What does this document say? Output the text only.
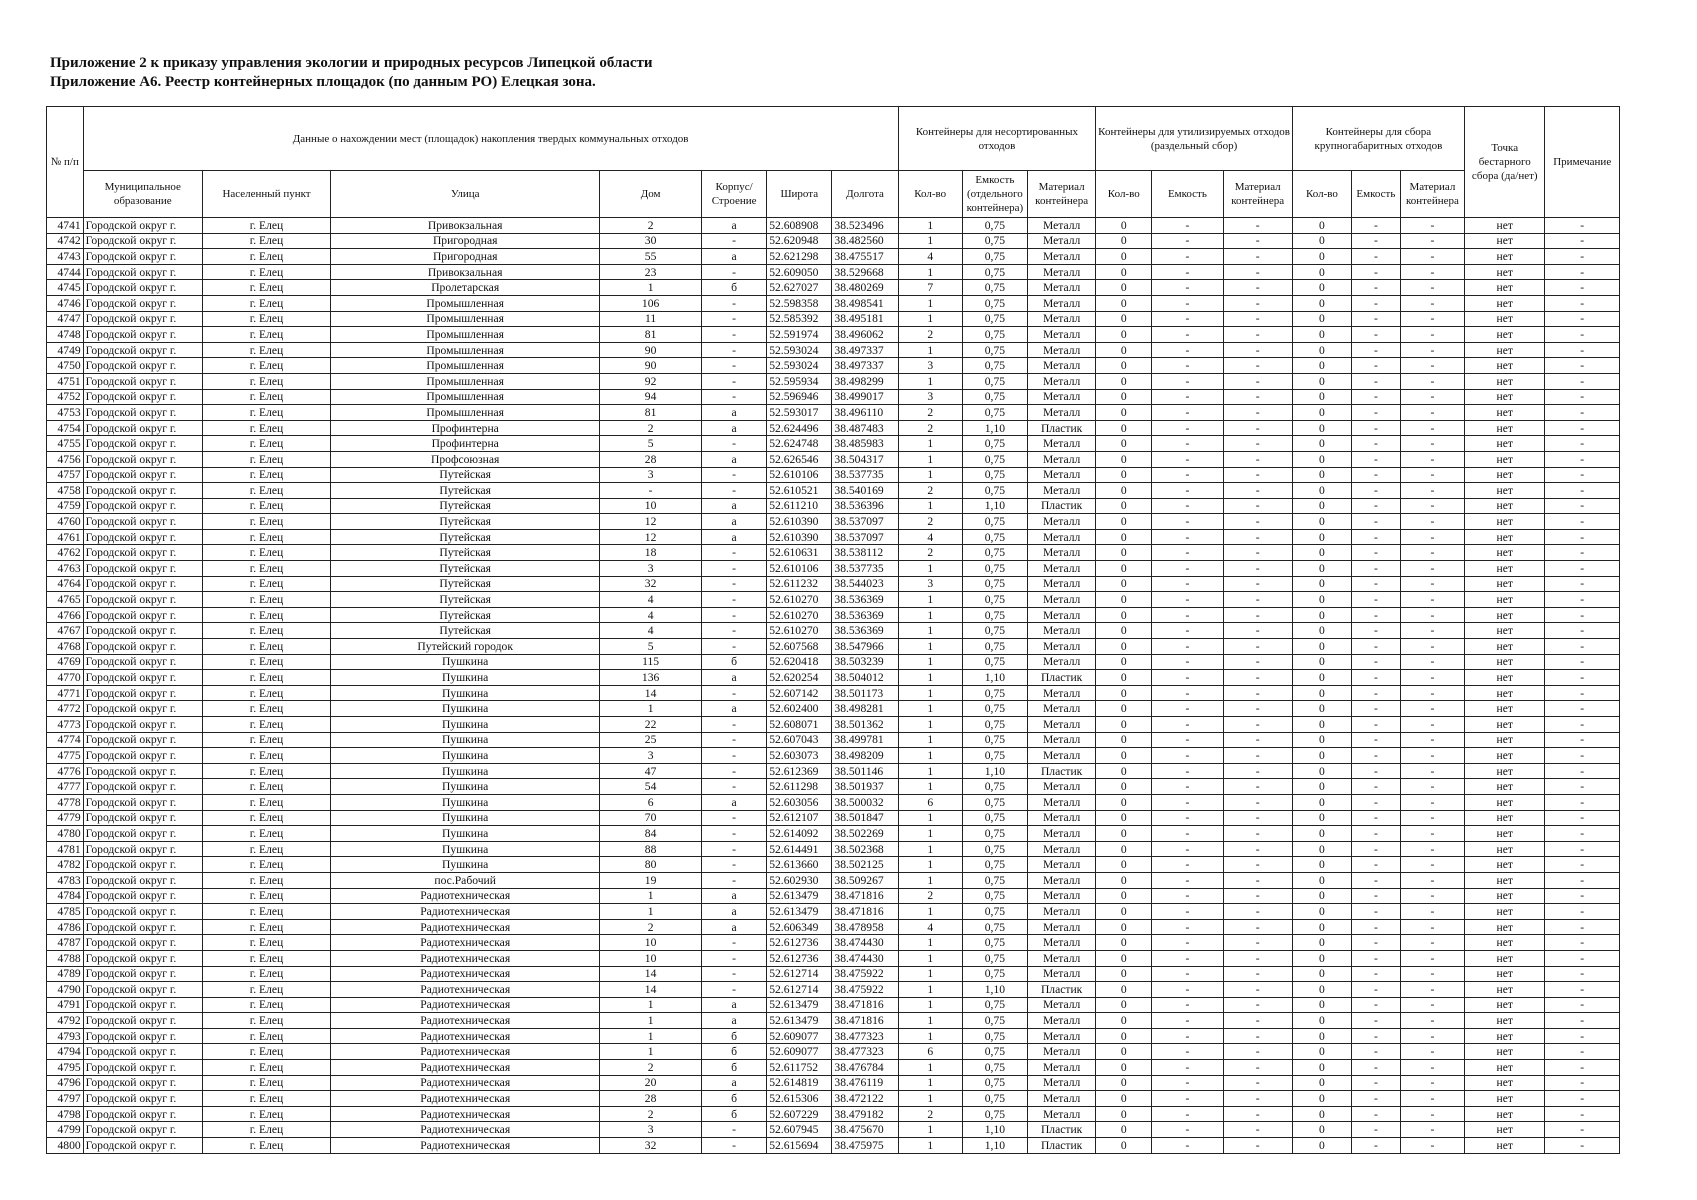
Приложение 2 к приказу управления экологии и природных ресурсов Липецкой области
Приложение А6. Реестр контейнерных площадок (по данным РО) Елецкая зона.
№ п/п	Данные о нахождении мест (площадок) накопления твердых коммунальных отходов							Контейнеры для несортированных отходов			Контейнеры для утилизируемых отходов (раздельный сбор)			Контейнеры для сбора крупногабаритных отходов			Точка бестарного сбора (да/нет)	Примечание
	Муниципальное образование	Населенный пункт	Улица	Дом	Корпус/ Строение	Широта	Долгота	Кол-во	Емкость (отдельного контейнера)	Материал контейнера	Кол-во	Емкость	Материал контейнера	Кол-во	Емкость	Материал контейнера		
4741	Городской округ г.	г. Елец	Привокзальная	2	а	52.608908	38.523496	1	0,75	Металл	0	-	-	0	-	-	нет	-
4742	Городской округ г.	г. Елец	Пригородная	30	-	52.620948	38.482560	1	0,75	Металл	0	-	-	0	-	-	нет	-
4743	Городской округ г.	г. Елец	Пригородная	55	а	52.621298	38.475517	4	0,75	Металл	0	-	-	0	-	-	нет	-
4744	Городской округ г.	г. Елец	Привокзальная	23	-	52.609050	38.529668	1	0,75	Металл	0	-	-	0	-	-	нет	-
4745	Городской округ г.	г. Елец	Пролетарская	1	б	52.627027	38.480269	7	0,75	Металл	0	-	-	0	-	-	нет	-
4746	Городской округ г.	г. Елец	Промышленная	106	-	52.598358	38.498541	1	0,75	Металл	0	-	-	0	-	-	нет	-
4747	Городской округ г.	г. Елец	Промышленная	11	-	52.585392	38.495181	1	0,75	Металл	0	-	-	0	-	-	нет	-
4748	Городской округ г.	г. Елец	Промышленная	81	-	52.591974	38.496062	2	0,75	Металл	0	-	-	0	-	-	нет	-
4749	Городской округ г.	г. Елец	Промышленная	90	-	52.593024	38.497337	1	0,75	Металл	0	-	-	0	-	-	нет	-
4750	Городской округ г.	г. Елец	Промышленная	90	-	52.593024	38.497337	3	0,75	Металл	0	-	-	0	-	-	нет	-
4751	Городской округ г.	г. Елец	Промышленная	92	-	52.595934	38.498299	1	0,75	Металл	0	-	-	0	-	-	нет	-
4752	Городской округ г.	г. Елец	Промышленная	94	-	52.596946	38.499017	3	0,75	Металл	0	-	-	0	-	-	нет	-
4753	Городской округ г.	г. Елец	Промышленная	81	а	52.593017	38.496110	2	0,75	Металл	0	-	-	0	-	-	нет	-
4754	Городской округ г.	г. Елец	Профинтерна	2	а	52.624496	38.487483	2	1,10	Пластик	0	-	-	0	-	-	нет	-
4755	Городской округ г.	г. Елец	Профинтерна	5	-	52.624748	38.485983	1	0,75	Металл	0	-	-	0	-	-	нет	-
4756	Городской округ г.	г. Елец	Профсоюзная	28	а	52.626546	38.504317	1	0,75	Металл	0	-	-	0	-	-	нет	-
4757	Городской округ г.	г. Елец	Путейская	3	-	52.610106	38.537735	1	0,75	Металл	0	-	-	0	-	-	нет	-
4758	Городской округ г.	г. Елец	Путейская	-	-	52.610521	38.540169	2	0,75	Металл	0	-	-	0	-	-	нет	-
4759	Городской округ г.	г. Елец	Путейская	10	а	52.611210	38.536396	1	1,10	Пластик	0	-	-	0	-	-	нет	-
4760	Городской округ г.	г. Елец	Путейская	12	а	52.610390	38.537097	2	0,75	Металл	0	-	-	0	-	-	нет	-
4761	Городской округ г.	г. Елец	Путейская	12	а	52.610390	38.537097	4	0,75	Металл	0	-	-	0	-	-	нет	-
4762	Городской округ г.	г. Елец	Путейская	18	-	52.610631	38.538112	2	0,75	Металл	0	-	-	0	-	-	нет	-
4763	Городской округ г.	г. Елец	Путейская	3	-	52.610106	38.537735	1	0,75	Металл	0	-	-	0	-	-	нет	-
4764	Городской округ г.	г. Елец	Путейская	32	-	52.611232	38.544023	3	0,75	Металл	0	-	-	0	-	-	нет	-
4765	Городской округ г.	г. Елец	Путейская	4	-	52.610270	38.536369	1	0,75	Металл	0	-	-	0	-	-	нет	-
4766	Городской округ г.	г. Елец	Путейская	4	-	52.610270	38.536369	1	0,75	Металл	0	-	-	0	-	-	нет	-
4767	Городской округ г.	г. Елец	Путейская	4	-	52.610270	38.536369	1	0,75	Металл	0	-	-	0	-	-	нет	-
4768	Городской округ г.	г. Елец	Путейский городок	5	-	52.607568	38.547966	1	0,75	Металл	0	-	-	0	-	-	нет	-
4769	Городской округ г.	г. Елец	Пушкина	115	б	52.620418	38.503239	1	0,75	Металл	0	-	-	0	-	-	нет	-
4770	Городской округ г.	г. Елец	Пушкина	136	а	52.620254	38.504012	1	1,10	Пластик	0	-	-	0	-	-	нет	-
4771	Городской округ г.	г. Елец	Пушкина	14	-	52.607142	38.501173	1	0,75	Металл	0	-	-	0	-	-	нет	-
4772	Городской округ г.	г. Елец	Пушкина	1	а	52.602400	38.498281	1	0,75	Металл	0	-	-	0	-	-	нет	-
4773	Городской округ г.	г. Елец	Пушкина	22	-	52.608071	38.501362	1	0,75	Металл	0	-	-	0	-	-	нет	-
4774	Городской округ г.	г. Елец	Пушкина	25	-	52.607043	38.499781	1	0,75	Металл	0	-	-	0	-	-	нет	-
4775	Городской округ г.	г. Елец	Пушкина	3	-	52.603073	38.498209	1	0,75	Металл	0	-	-	0	-	-	нет	-
4776	Городской округ г.	г. Елец	Пушкина	47	-	52.612369	38.501146	1	1,10	Пластик	0	-	-	0	-	-	нет	-
4777	Городской округ г.	г. Елец	Пушкина	54	-	52.611298	38.501937	1	0,75	Металл	0	-	-	0	-	-	нет	-
4778	Городской округ г.	г. Елец	Пушкина	6	а	52.603056	38.500032	6	0,75	Металл	0	-	-	0	-	-	нет	-
4779	Городской округ г.	г. Елец	Пушкина	70	-	52.612107	38.501847	1	0,75	Металл	0	-	-	0	-	-	нет	-
4780	Городской округ г.	г. Елец	Пушкина	84	-	52.614092	38.502269	1	0,75	Металл	0	-	-	0	-	-	нет	-
4781	Городской округ г.	г. Елец	Пушкина	88	-	52.614491	38.502368	1	0,75	Металл	0	-	-	0	-	-	нет	-
4782	Городской округ г.	г. Елец	Пушкина	80	-	52.613660	38.502125	1	0,75	Металл	0	-	-	0	-	-	нет	-
4783	Городской округ г.	г. Елец	пос.Рабочий	19	-	52.602930	38.509267	1	0,75	Металл	0	-	-	0	-	-	нет	-
4784	Городской округ г.	г. Елец	Радиотехническая	1	а	52.613479	38.471816	2	0,75	Металл	0	-	-	0	-	-	нет	-
4785	Городской округ г.	г. Елец	Радиотехническая	1	а	52.613479	38.471816	1	0,75	Металл	0	-	-	0	-	-	нет	-
4786	Городской округ г.	г. Елец	Радиотехническая	2	а	52.606349	38.478958	4	0,75	Металл	0	-	-	0	-	-	нет	-
4787	Городской округ г.	г. Елец	Радиотехническая	10	-	52.612736	38.474430	1	0,75	Металл	0	-	-	0	-	-	нет	-
4788	Городской округ г.	г. Елец	Радиотехническая	10	-	52.612736	38.474430	1	0,75	Металл	0	-	-	0	-	-	нет	-
4789	Городской округ г.	г. Елец	Радиотехническая	14	-	52.612714	38.475922	1	0,75	Металл	0	-	-	0	-	-	нет	-
4790	Городской округ г.	г. Елец	Радиотехническая	14	-	52.612714	38.475922	1	1,10	Пластик	0	-	-	0	-	-	нет	-
4791	Городской округ г.	г. Елец	Радиотехническая	1	а	52.613479	38.471816	1	0,75	Металл	0	-	-	0	-	-	нет	-
4792	Городской округ г.	г. Елец	Радиотехническая	1	а	52.613479	38.471816	1	0,75	Металл	0	-	-	0	-	-	нет	-
4793	Городской округ г.	г. Елец	Радиотехническая	1	б	52.609077	38.477323	1	0,75	Металл	0	-	-	0	-	-	нет	-
4794	Городской округ г.	г. Елец	Радиотехническая	1	б	52.609077	38.477323	6	0,75	Металл	0	-	-	0	-	-	нет	-
4795	Городской округ г.	г. Елец	Радиотехническая	2	б	52.611752	38.476784	1	0,75	Металл	0	-	-	0	-	-	нет	-
4796	Городской округ г.	г. Елец	Радиотехническая	20	а	52.614819	38.476119	1	0,75	Металл	0	-	-	0	-	-	нет	-
4797	Городской округ г.	г. Елец	Радиотехническая	28	б	52.615306	38.472122	1	0,75	Металл	0	-	-	0	-	-	нет	-
4798	Городской округ г.	г. Елец	Радиотехническая	2	б	52.607229	38.479182	2	0,75	Металл	0	-	-	0	-	-	нет	-
4799	Городской округ г.	г. Елец	Радиотехническая	3	-	52.607945	38.475670	1	1,10	Пластик	0	-	-	0	-	-	нет	-
4800	Городской округ г.	г. Елец	Радиотехническая	32	-	52.615694	38.475975	1	1,10	Пластик	0	-	-	0	-	-	нет	-
